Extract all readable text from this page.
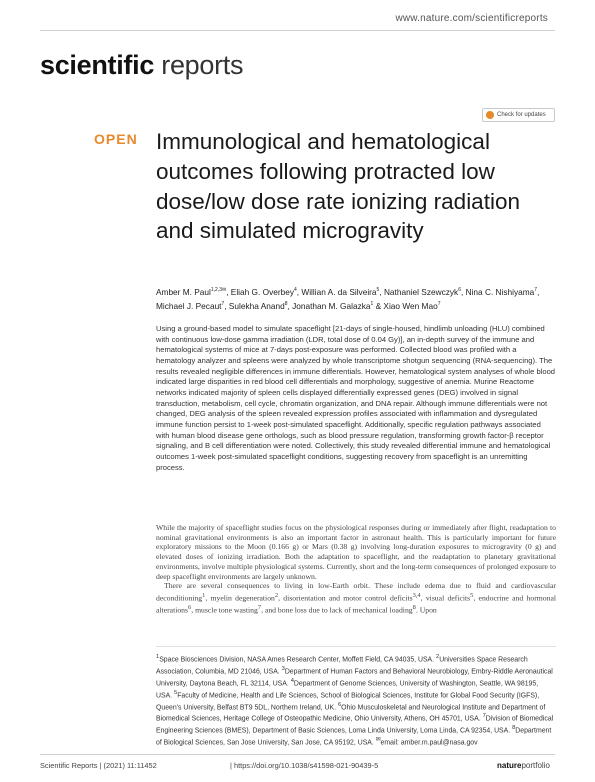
www.nature.com/scientificreports
scientific reports
Check for updates
OPEN Immunological and hematological outcomes following protracted low dose/low dose rate ionizing radiation and simulated microgravity

Amber M. Paul$^{1,2,3✉}$, Eliah G. Overbey$^4$, Willian A. da Silveira$^5$, Nathaniel Szewczyk$^6$, Nina C. Nishiyama$^7$, Michael J. Pecaut$^7$, Sulekha Anand$^8$, Jonathan M. Galazka$^1$ & Xiao Wen Mao$^7$

Using a ground-based model to simulate spaceflight [21-days of single-housed, hindlimb unloading (HLU) combined with continuous low-dose gamma irradiation (LDR, total dose of 0.04 Gy)], an in-depth survey of the immune and hematological systems of mice at 7-days post-exposure was performed. Collected blood was profiled with a hematology analyzer and spleens were analyzed by whole transcriptome shotgun sequencing (RNA-sequencing). The results revealed negligible differences in immune differentials. However, hematological system analyses of whole blood indicated large disparities in red blood cell differentials and morphology, suggestive of anemia. Murine Reactome networks indicated majority of spleen cells displayed differentially expressed genes (DEG) involved in signal transduction, metabolism, cell cycle, chromatin organization, and DNA repair. Although immune differentials were not changed, DEG analysis of the spleen revealed expression profiles associated with inflammation and dysregulated immune function persist to 1-week post-simulated spaceflight. Additionally, specific regulation pathways associated with human blood disease gene orthologs, such as blood pressure regulation, transforming growth factor-β receptor signaling, and B cell differentiation were noted. Collectively, this study revealed differential immune and hematological outcomes 1-week post-simulated spaceflight conditions, suggesting recovery from spaceflight is an unremitting process.

While the majority of spaceflight studies focus on the physiological responses during or immediately after flight, readaptation to nominal gravitational environments is also an important factor in astronaut health. This is particularly important for future exploratory missions to the Moon (0.166 g) or Mars (0.38 g) involving long-duration exposures to microgravity (0 g) and elevated doses of ionizing irradiation. Both the adaptation to spaceflight, and the readaptation to planetary gravitational environments, involve multiple physiological systems. Currently, short and the long-term consequences of prolonged exposure to deep spaceflight environments are largely unknown.

There are several consequences to living in low-Earth orbit. These include edema due to fluid and cardiovascular deconditioning$^1$, myelin degeneration$^2$, disorientation and motor control deficits$^{3,4}$, visual deficits$^5$, endocrine and hormonal alterations$^6$, muscle tone wasting$^7$, and bone loss due to lack of mechanical loading$^8$. Upon

$^1$Space Biosciences Division, NASA Ames Research Center, Moffett Field, CA 94035, USA. $^2$Universities Space Research Association, Columbia, MD 21046, USA. $^3$Department of Human Factors and Behavioral Neurobiology, Embry-Riddle Aeronautical University, Daytona Beach, FL 32114, USA. $^4$Department of Genome Sciences, University of Washington, Seattle, WA 98195, USA. $^5$Faculty of Medicine, Health and Life Sciences, School of Biological Sciences, Institute for Global Food Security (IGFS), Queen's University, Belfast BT9 5DL, Northern Ireland, UK. $^6$Ohio Musculoskeletal and Neurological Institute and Department of Biomedical Sciences, Heritage College of Osteopathic Medicine, Ohio University, Athens, OH 45701, USA. $^7$Division of Biomedical Engineering Sciences (BMES), Department of Basic Sciences, Loma Linda University, Loma Linda, CA 92354, USA. $^8$Department of Biological Sciences, San Jose University, San Jose, CA 95192, USA. ✉email: amber.m.paul@nasa.gov

Scientific Reports | (2021) 11:11452	| https://doi.org/10.1038/s41598-021-90439-5	natureportfolio
